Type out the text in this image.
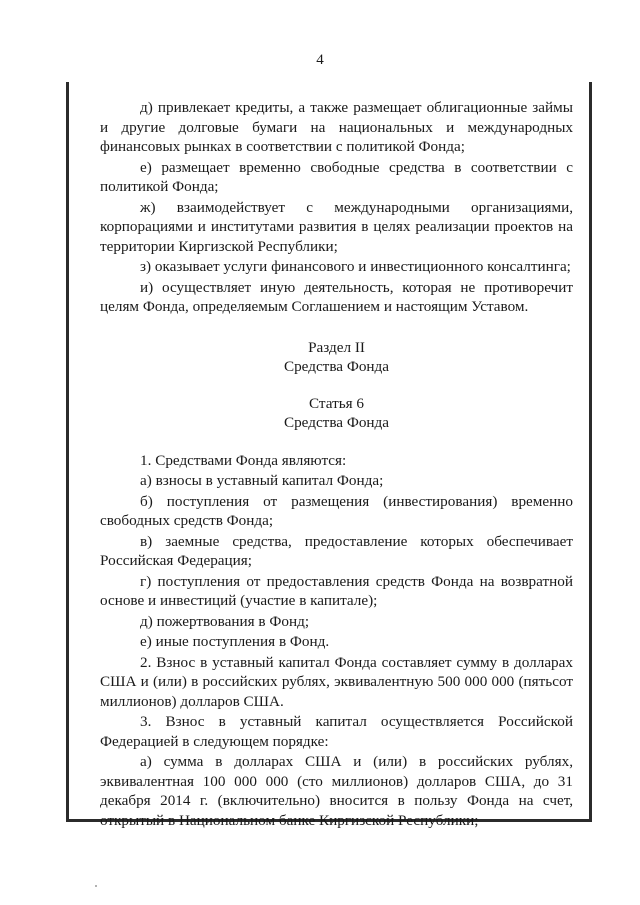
4

д) привлекает кредиты, а также размещает облигационные займы и другие долговые бумаги на национальных и международных финансовых рынках в соответствии с политикой Фонда;

е) размещает временно свободные средства в соответствии с политикой Фонда;

ж) взаимодействует с международными организациями, корпорациями и институтами развития в целях реализации проектов на территории Киргизской Республики;

з) оказывает услуги финансового и инвестиционного консалтинга;

и) осуществляет иную деятельность, которая не противоречит целям Фонда, определяемым Соглашением и настоящим Уставом.

Раздел II

Средства Фонда

Статья 6

Средства Фонда

1. Средствами Фонда являются:

а) взносы в уставный капитал Фонда;

б) поступления от размещения (инвестирования) временно свободных средств Фонда;

в) заемные средства, предоставление которых обеспечивает Российская Федерация;

г) поступления от предоставления средств Фонда на возвратной основе и инвестиций (участие в капитале);

д) пожертвования в Фонд;

е) иные поступления в Фонд.

2. Взнос в уставный капитал Фонда составляет сумму в долларах США и (или) в российских рублях, эквивалентную 500 000 000 (пятьсот миллионов) долларов США.

3. Взнос в уставный капитал осуществляется Российской Федерацией в следующем порядке:

а) сумма в долларах США и (или) в российских рублях, эквивалентная 100 000 000 (сто миллионов) долларов США, до 31 декабря 2014 г. (включительно) вносится в пользу Фонда на счет, открытый в Национальном банке Киргизской Республики;
